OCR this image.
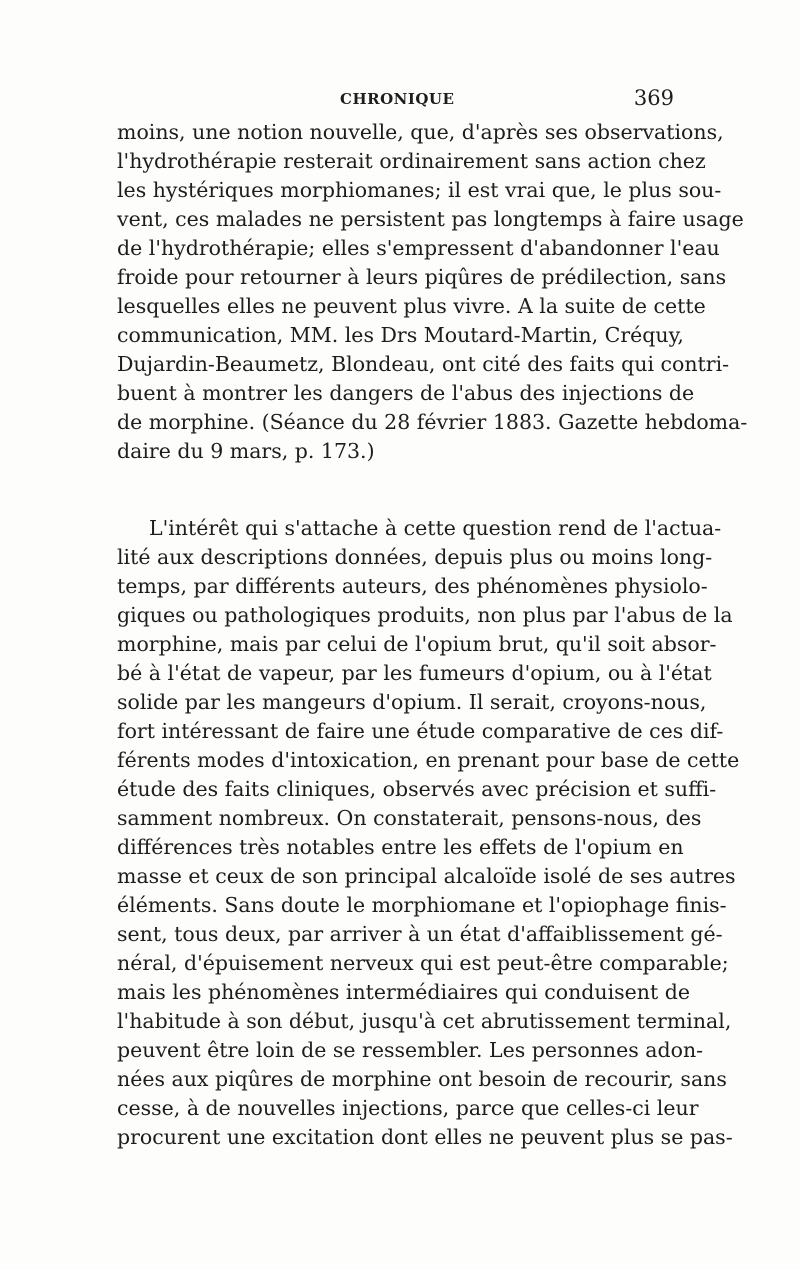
CHRONIQUE	369
moins, une notion nouvelle, que, d'après ses observations,
l'hydrothérapie resterait ordinairement sans action chez
les hystériques morphiomanes; il est vrai que, le plus sou-
vent, ces malades ne persistent pas longtemps à faire usage
de l'hydrothérapie; elles s'empressent d'abandonner l'eau
froide pour retourner à leurs piqûres de prédilection, sans
lesquelles elles ne peuvent plus vivre. A la suite de cette
communication, MM. les Drs Moutard-Martin, Créquy,
Dujardin-Beaumetz, Blondeau, ont cité des faits qui contri-
buent à montrer les dangers de l'abus des injections de
de morphine. (Séance du 28 février 1883. Gazette hebdoma-
daire du 9 mars, p. 173.)
L'intérêt qui s'attache à cette question rend de l'actua-
lité aux descriptions données, depuis plus ou moins long-
temps, par différents auteurs, des phénomènes physiolo-
giques ou pathologiques produits, non plus par l'abus de la
morphine, mais par celui de l'opium brut, qu'il soit absor-
bé à l'état de vapeur, par les fumeurs d'opium, ou à l'état
solide par les mangeurs d'opium. Il serait, croyons-nous,
fort intéressant de faire une étude comparative de ces dif-
férents modes d'intoxication, en prenant pour base de cette
étude des faits cliniques, observés avec précision et suffi-
samment nombreux. On constaterait, pensons-nous, des
différences très notables entre les effets de l'opium en
masse et ceux de son principal alcaloïde isolé de ses autres
éléments. Sans doute le morphiomane et l'opiophage finis-
sent, tous deux, par arriver à un état d'affaiblissement gé-
néral, d'épuisement nerveux qui est peut-être comparable;
mais les phénomènes intermédiaires qui conduisent de
l'habitude à son début, jusqu'à cet abrutissement terminal,
peuvent être loin de se ressembler. Les personnes adon-
nées aux piqûres de morphine ont besoin de recourir, sans
cesse, à de nouvelles injections, parce que celles-ci leur
procurent une excitation dont elles ne peuvent plus se pas-
